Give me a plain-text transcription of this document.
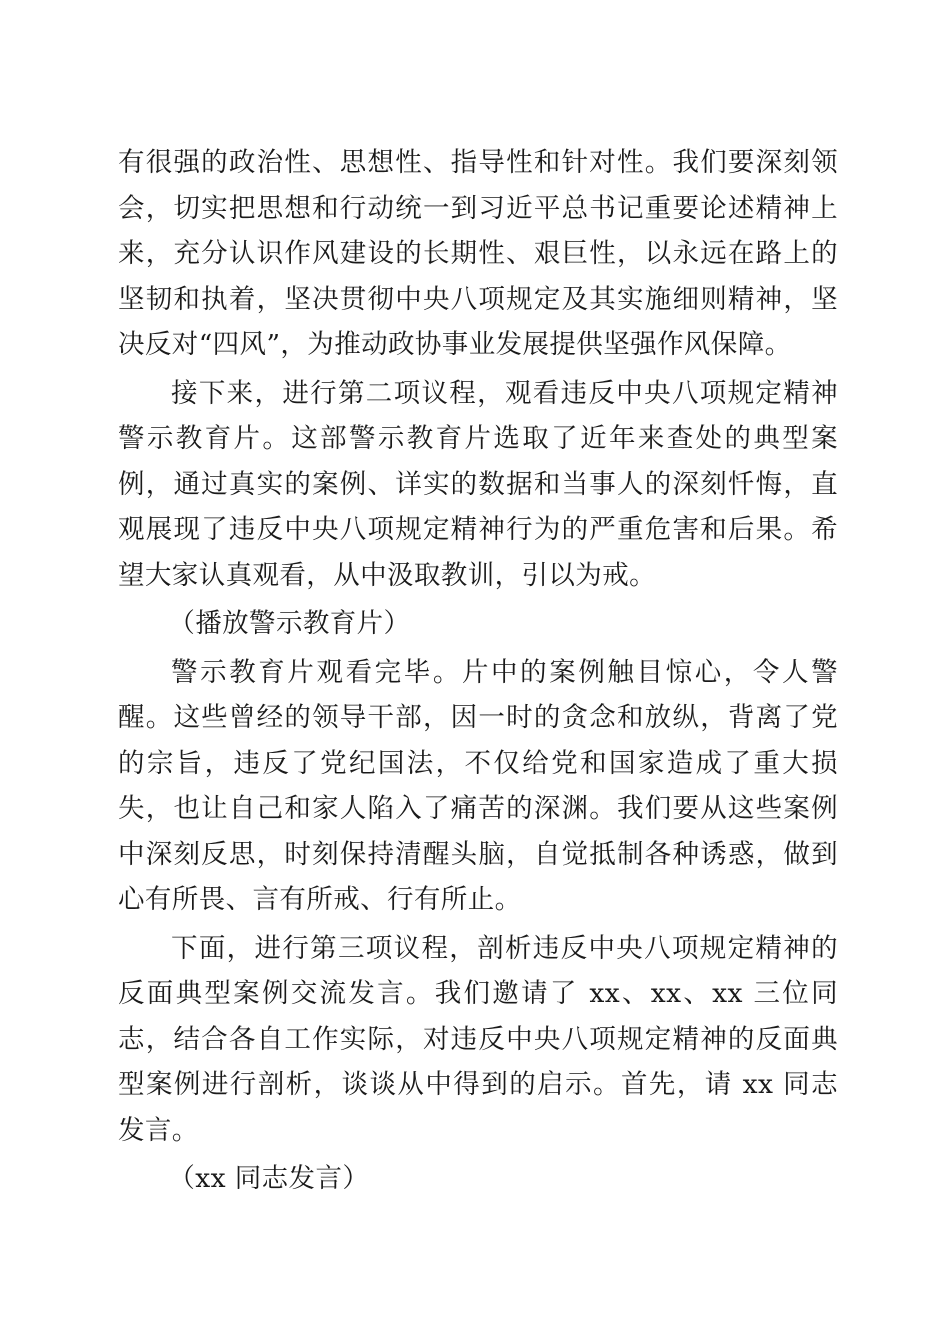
有很强的政治性、思想性、指导性和针对性。我们要深刻领会，切实把思想和行动统一到习近平总书记重要论述精神上来，充分认识作风建设的长期性、艰巨性，以永远在路上的坚韧和执着，坚决贯彻中央八项规定及其实施细则精神，坚决反对“四风”，为推动政协事业发展提供坚强作风保障。

接下来，进行第二项议程，观看违反中央八项规定精神警示教育片。这部警示教育片选取了近年来查处的典型案例，通过真实的案例、详实的数据和当事人的深刻忏悔，直观展现了违反中央八项规定精神行为的严重危害和后果。希望大家认真观看，从中汲取教训，引以为戒。

（播放警示教育片）

警示教育片观看完毕。片中的案例触目惊心，令人警醒。这些曾经的领导干部，因一时的贪念和放纵，背离了党的宗旨，违反了党纪国法，不仅给党和国家造成了重大损失，也让自己和家人陷入了痛苦的深渊。我们要从这些案例中深刻反思，时刻保持清醒头脑，自觉抵制各种诱惑，做到心有所畏、言有所戒、行有所止。

下面，进行第三项议程，剖析违反中央八项规定精神的反面典型案例交流发言。我们邀请了 xx、xx、xx 三位同志，结合各自工作实际，对违反中央八项规定精神的反面典型案例进行剖析，谈谈从中得到的启示。首先，请 xx 同志发言。

（xx 同志发言）
